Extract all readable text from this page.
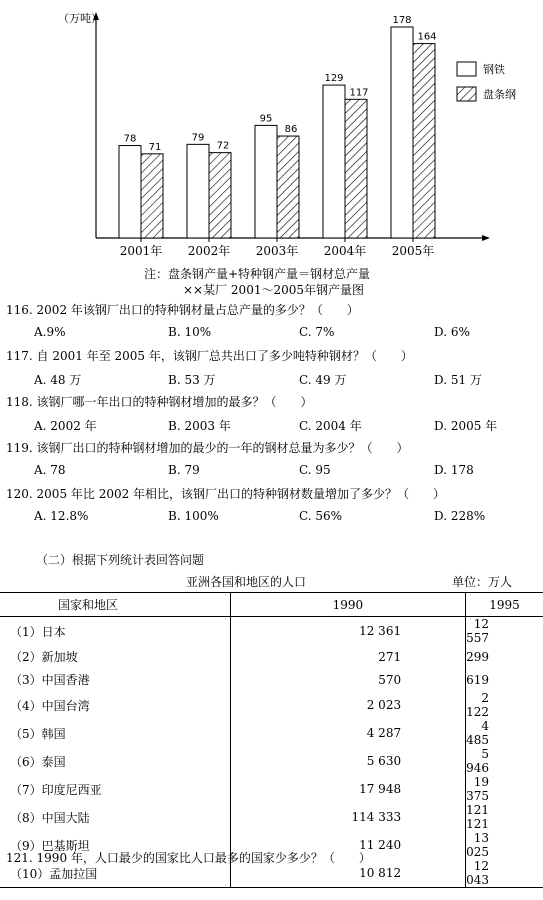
78
71
2001年
79
72
2002年
95
86
2003年
129
117
2004年
178
164
2005年
钢铁
盘条纲
（万吨）
注：盘条钢产量+特种钢产量＝钢材总产量
××某厂 2001～2005年钢产量图
116. 2002 年该钢厂出口的特种钢材量占总产量的多少？（　　）
A.9%	B. 10%	C. 7%	D. 6%
117. 自 2001 年至 2005 年，该钢厂总共出口了多少吨特种钢材？（　　）
A. 48 万	B. 53 万	C. 49 万	D. 51 万
118. 该钢厂哪一年出口的特种钢材增加的最多？（　　）
A. 2002 年	B. 2003 年	C. 2004 年	D. 2005 年
119. 该钢厂出口的特种钢材增加的最少的一年的钢材总量为多少？（　　）
A. 78	B. 79	C. 95	D. 178
120. 2005 年比 2002 年相比，该钢厂出口的特种钢材数量增加了多少？（　　）
A. 12.8%	B. 100%	C. 56%	D. 228%
（二）根据下列统计表回答问题
亚洲各国和地区的人口	单位：万人
国家和地区	1990	1995
（1）日本	12 361	12 557
（2）新加坡	271	299
（3）中国香港	570	619
（4）中国台湾	2 023	2 122
（5）韩国	4 287	4 485
（6）泰国	5 630	5 946
（7）印度尼西亚	17 948	19 375
（8）中国大陆	114 333	121 121
（9）巴基斯坦	11 240	13 025
（10）孟加拉国	10 812	12 043
121. 1990 年，人口最少的国家比人口最多的国家少多少？（　　）
